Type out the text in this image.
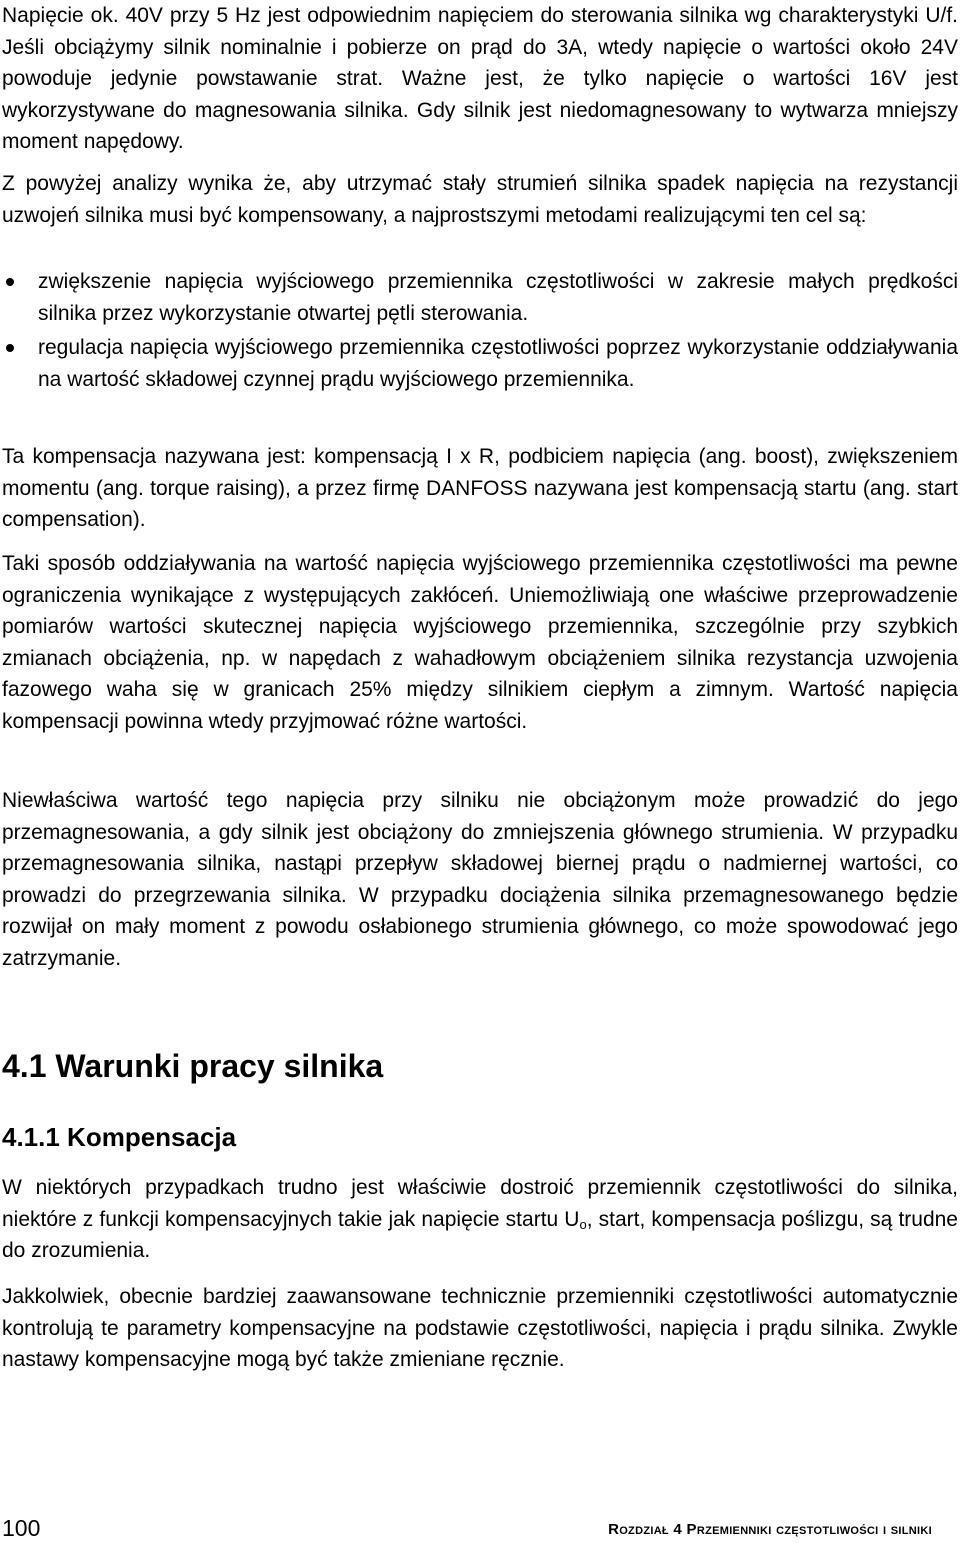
Napięcie ok. 40V przy 5 Hz jest odpowiednim napięciem do sterowania silnika wg charakterystyki U/f. Jeśli obciążymy silnik nominalnie i pobierze on prąd do 3A, wtedy napięcie o wartości około 24V powoduje jedynie powstawanie strat. Ważne jest, że tylko napięcie o wartości 16V jest wykorzystywane do magnesowania silnika. Gdy silnik jest niedomagnesowany to wytwarza mniejszy moment napędowy.

Z powyżej analizy wynika że, aby utrzymać stały strumień silnika spadek napięcia na rezystancji uzwojeń silnika musi być kompensowany, a najprostszymi metodami realizującymi ten cel są:

zwiększenie napięcia wyjściowego przemiennika częstotliwości w zakresie małych prędkości silnika przez wykorzystanie otwartej pętli sterowania.
regulacja napięcia wyjściowego przemiennika częstotliwości poprzez wykorzystanie oddziaływania na wartość składowej czynnej prądu wyjściowego przemiennika.

Ta kompensacja nazywana jest: kompensacją I x R, podbiciem napięcia (ang. boost), zwiększeniem momentu (ang. torque raising), a przez firmę DANFOSS nazywana jest kompensacją startu (ang. start compensation).

Taki sposób oddziaływania na wartość napięcia wyjściowego przemiennika częstotliwości ma pewne ograniczenia wynikające z występujących zakłóceń. Uniemożliwiają one właściwe przeprowadzenie pomiarów wartości skutecznej napięcia wyjściowego przemiennika, szczególnie przy szybkich zmianach obciążenia, np. w napędach z wahadłowym obciążeniem silnika rezystancja uzwojenia fazowego waha się w granicach 25% między silnikiem ciepłym a zimnym. Wartość napięcia kompensacji powinna wtedy przyjmować różne wartości.

Niewłaściwa wartość tego napięcia przy silniku nie obciążonym może prowadzić do jego przemagnesowania, a gdy silnik jest obciążony do zmniejszenia głównego strumienia. W przypadku przemagnesowania silnika, nastąpi przepływ składowej biernej prądu o nadmiernej wartości, co prowadzi do przegrzewania silnika. W przypadku dociążenia silnika przemagnesowanego będzie rozwijał on mały moment z powodu osłabionego strumienia głównego, co może spowodować jego zatrzymanie.

4.1 Warunki pracy silnika
4.1.1 Kompensacja

W niektórych przypadkach trudno jest właściwie dostroić przemiennik częstotliwości do silnika, niektóre z funkcji kompensacyjnych takie jak napięcie startu $U_o$, start, kompensacja poślizgu, są trudne do zrozumienia.

Jakkolwiek, obecnie bardziej zaawansowane technicznie przemienniki częstotliwości automatycznie kontrolują te parametry kompensacyjne na podstawie częstotliwości, napięcia i prądu silnika. Zwykle nastawy kompensacyjne mogą być także zmieniane ręcznie.

100	Rozdział 4 Przemienniki częstotliwości i silniki
